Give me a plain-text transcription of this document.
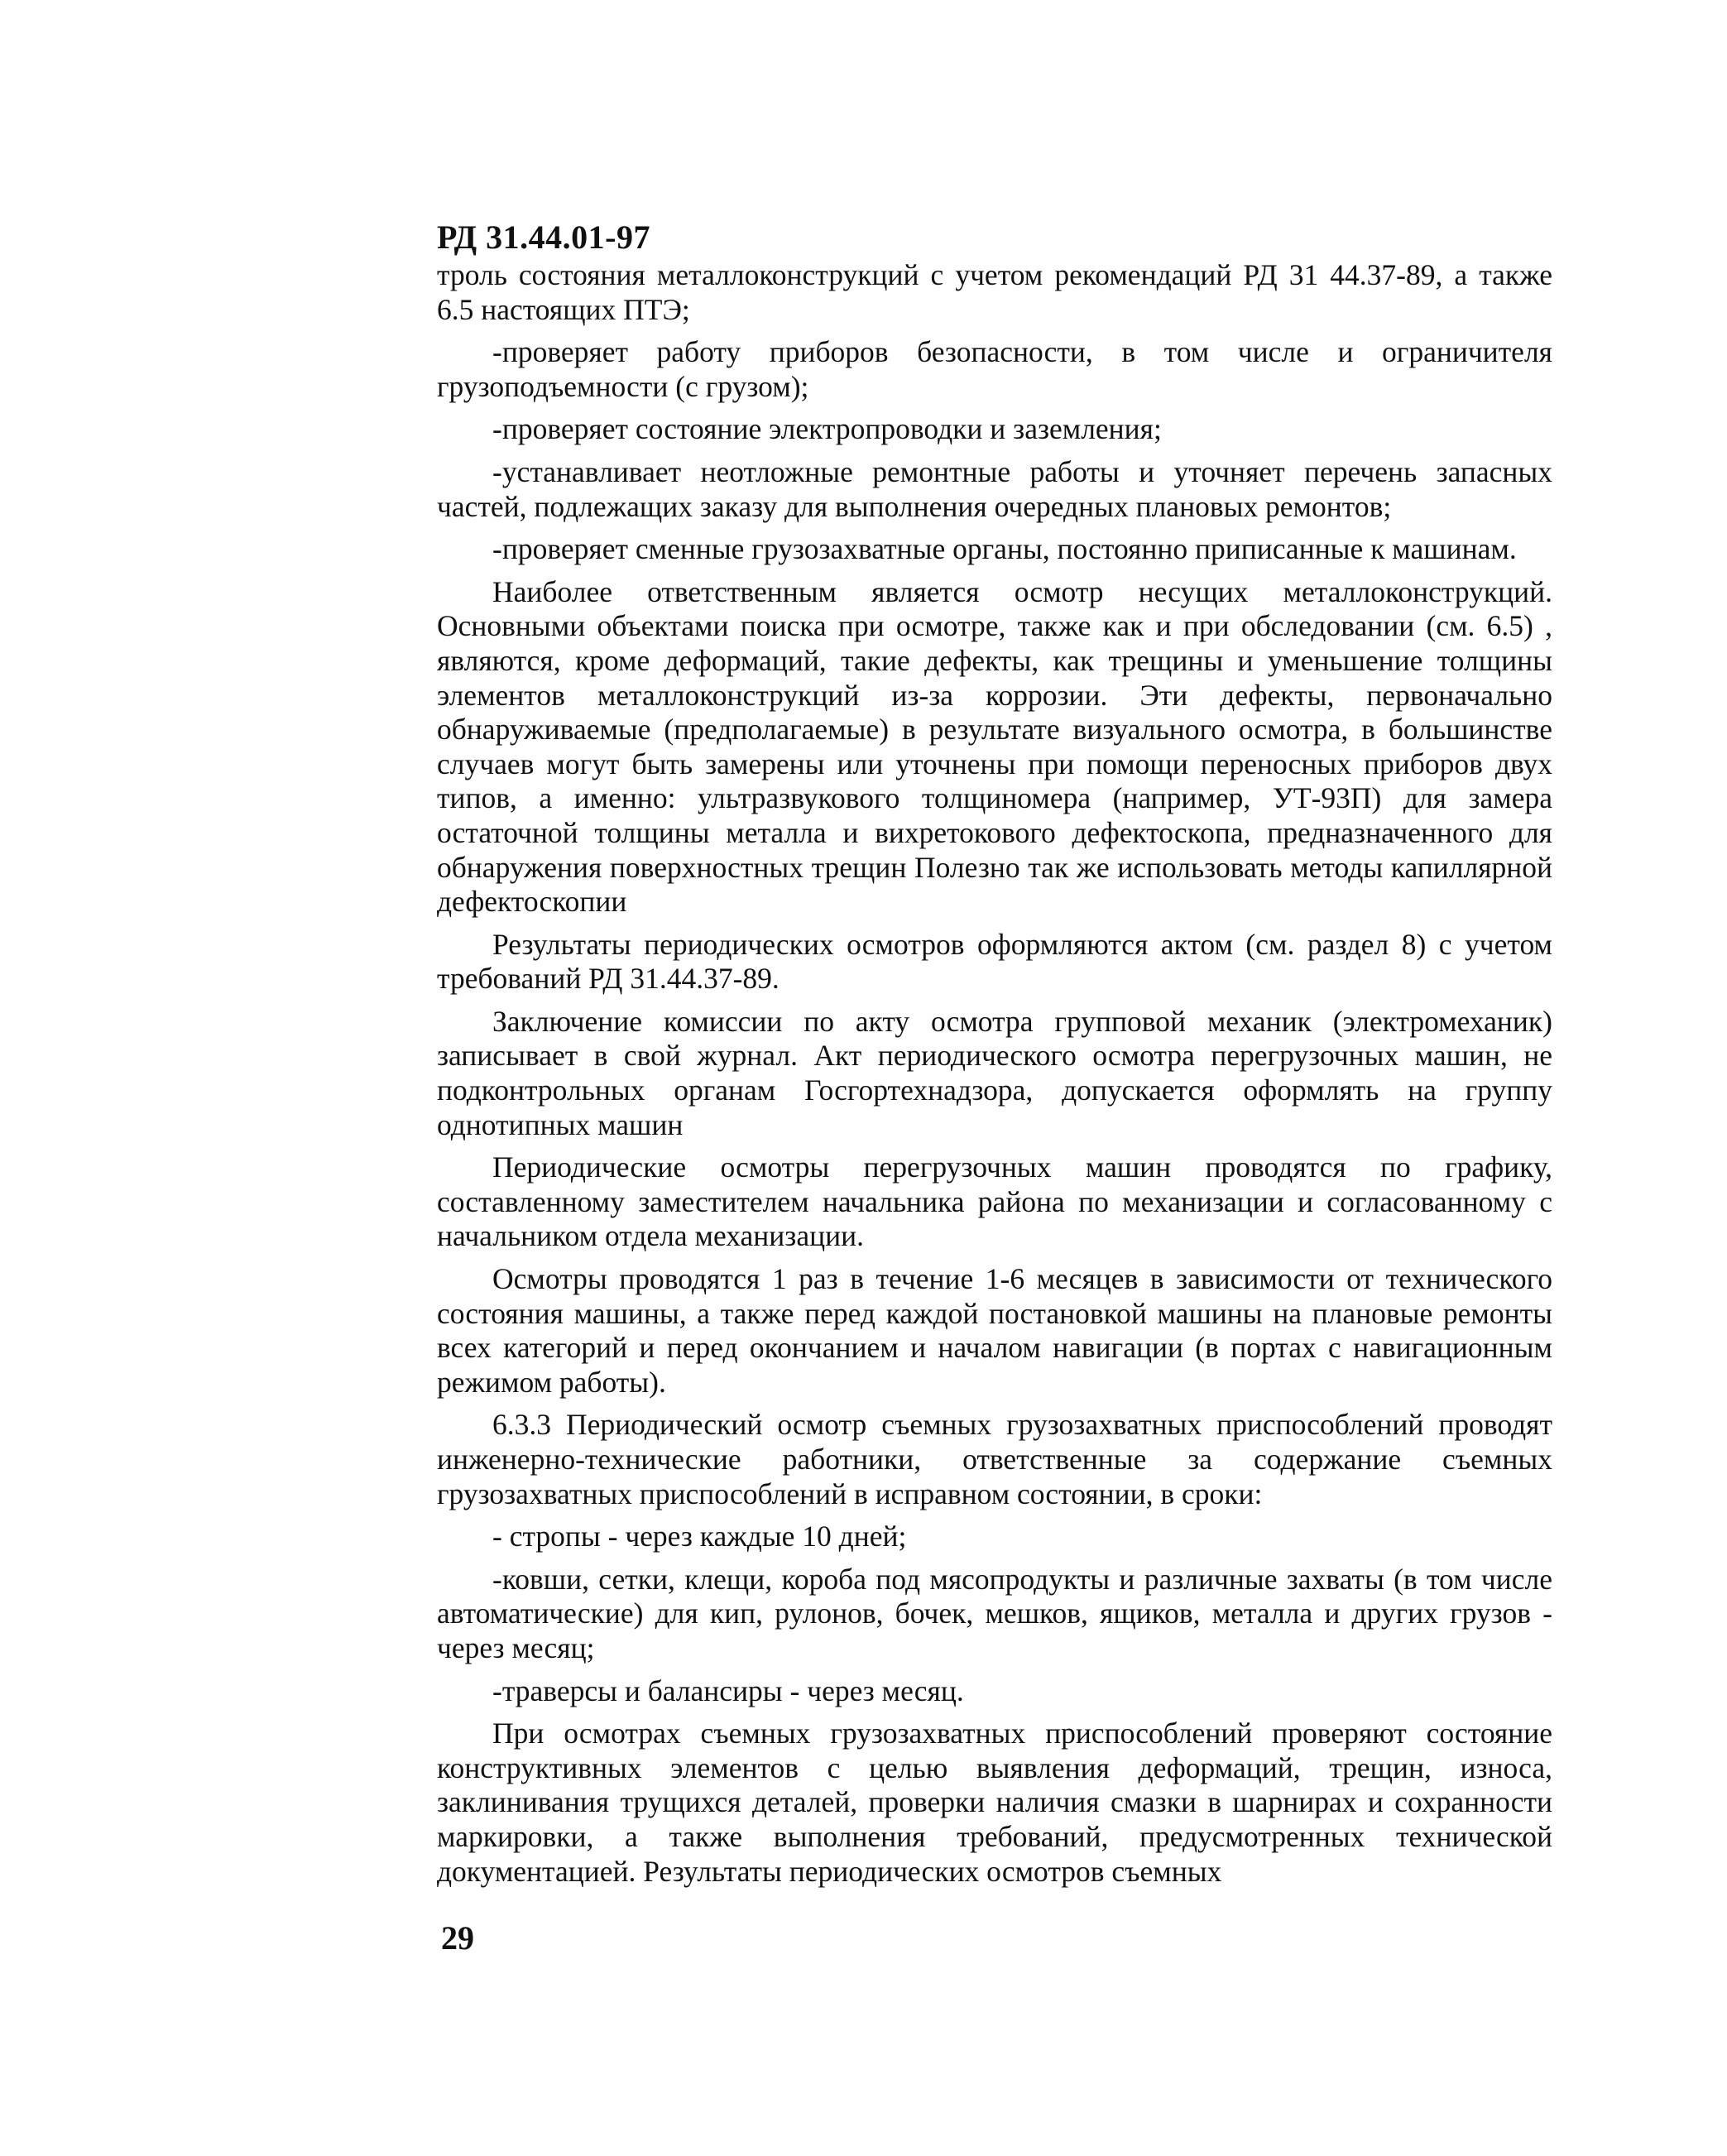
РД 31.44.01-97

троль состояния металлоконструкций с учетом рекомендаций РД 31 44.37-89, а также 6.5 настоящих ПТЭ;

-проверяет работу приборов безопасности, в том числе и ограничителя грузоподъемности (с грузом);

-проверяет состояние электропроводки и заземления;

-устанавливает неотложные ремонтные работы и уточняет перечень запасных частей, подлежащих заказу для выполнения очередных плановых ремонтов;

-проверяет сменные грузозахватные органы, постоянно приписанные к машинам.

Наиболее ответственным является осмотр несущих металлоконструкций. Основными объектами поиска при осмотре, также как и при обследовании (см. 6.5) , являются, кроме деформаций, такие дефекты, как трещины и уменьшение толщины элементов металлоконструкций из-за коррозии. Эти дефекты, первоначально обнаруживаемые (предполагаемые) в результате визуального осмотра, в большинстве случаев могут быть замерены или уточнены при помощи переносных приборов двух типов, а именно: ультразвукового толщиномера (например, УТ-93П) для замера остаточной толщины металла и вихретокового дефектоскопа, предназначенного для обнаружения поверхностных трещин Полезно так же использовать методы капиллярной дефектоскопии

Результаты периодических осмотров оформляются актом (см. раздел 8) с учетом требований РД 31.44.37-89.

Заключение комиссии по акту осмотра групповой механик (электромеханик) записывает в свой журнал. Акт периодического осмотра перегрузочных машин, не подконтрольных органам Госгортехнадзора, допускается оформлять на группу однотипных машин

Периодические осмотры перегрузочных машин проводятся по графику, составленному заместителем начальника района по механизации и согласованному с начальником отдела механизации.

Осмотры проводятся 1 раз в течение 1-6 месяцев в зависимости от технического состояния машины, а также перед каждой постановкой машины на плановые ремонты всех категорий и перед окончанием и началом навигации (в портах с навигационным режимом работы).

6.3.3 Периодический осмотр съемных грузозахватных приспособлений проводят инженерно-технические работники, ответственные за содержание съемных грузозахватных приспособлений в исправном состоянии, в сроки:

- стропы - через каждые 10 дней;

-ковши, сетки, клещи, короба под мясопродукты и различные захваты (в том числе автоматические) для кип, рулонов, бочек, мешков, ящиков, металла и других грузов - через месяц;

-траверсы и балансиры - через месяц.

При осмотрах съемных грузозахватных приспособлений проверяют состояние конструктивных элементов с целью выявления деформаций, трещин, износа, заклинивания трущихся деталей, проверки наличия смазки в шарнирах и сохранности маркировки, а также выполнения требований, предусмотренных технической документацией. Результаты периодических осмотров съемных

29
